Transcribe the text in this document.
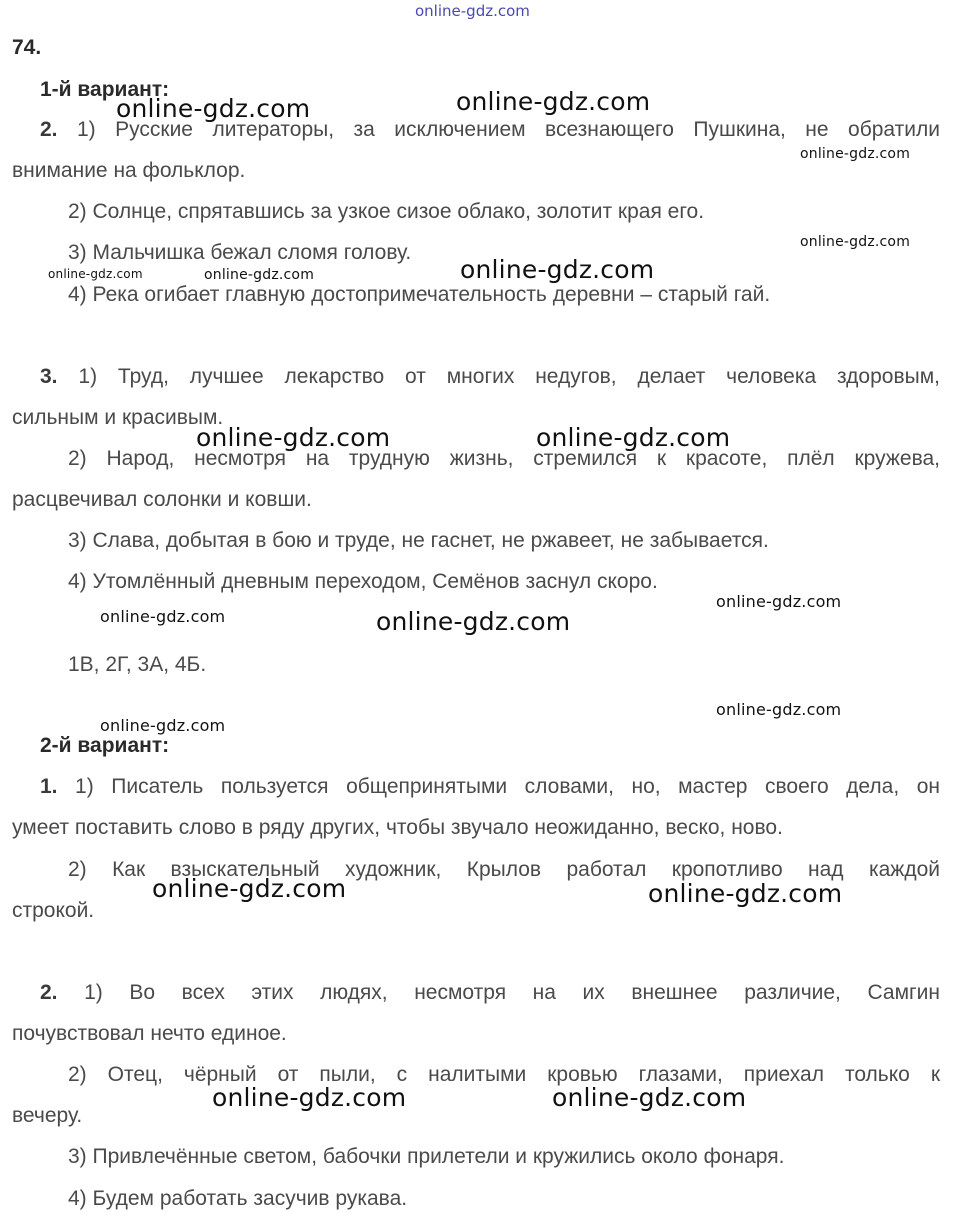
online-gdz.com
74.
1-й вариант:
2. 1) Русские литераторы, за исключением всезнающего Пушкина, не обратили
внимание на фольклор.
2) Солнце, спрятавшись за узкое сизое облако, золотит края его.
3) Мальчишка бежал сломя голову.
4) Река огибает главную достопримечательность деревни – старый гай.
3. 1) Труд, лучшее лекарство от многих недугов, делает человека здоровым,
сильным и красивым.
2) Народ, несмотря на трудную жизнь, стремился к красоте, плёл кружева,
расцвечивал солонки и ковши.
3) Слава, добытая в бою и труде, не гаснет, не ржавеет, не забывается.
4) Утомлённый дневным переходом, Семёнов заснул скоро.
1В, 2Г, 3А, 4Б.
2-й вариант:
1. 1) Писатель пользуется общепринятыми словами, но, мастер своего дела, он
умеет поставить слово в ряду других, чтобы звучало неожиданно, веско, ново.
2) Как взыскательный художник, Крылов работал кропотливо над каждой
строкой.
2. 1) Во всех этих людях, несмотря на их внешнее различие, Самгин
почувствовал нечто единое.
2) Отец, чёрный от пыли, с налитыми кровью глазами, приехал только к
вечеру.
3) Привлечённые светом, бабочки прилетели и кружились около фонаря.
4) Будем работать засучив рукава.
online-gdz.com	online-gdz.com
online-gdz.com
online-gdz.com
online-gdz.com	online-gdz.com	online-gdz.com
online-gdz.com	online-gdz.com
online-gdz.com
online-gdz.com	online-gdz.com
online-gdz.com
online-gdz.com
online-gdz.com	online-gdz.com
online-gdz.com	online-gdz.com
